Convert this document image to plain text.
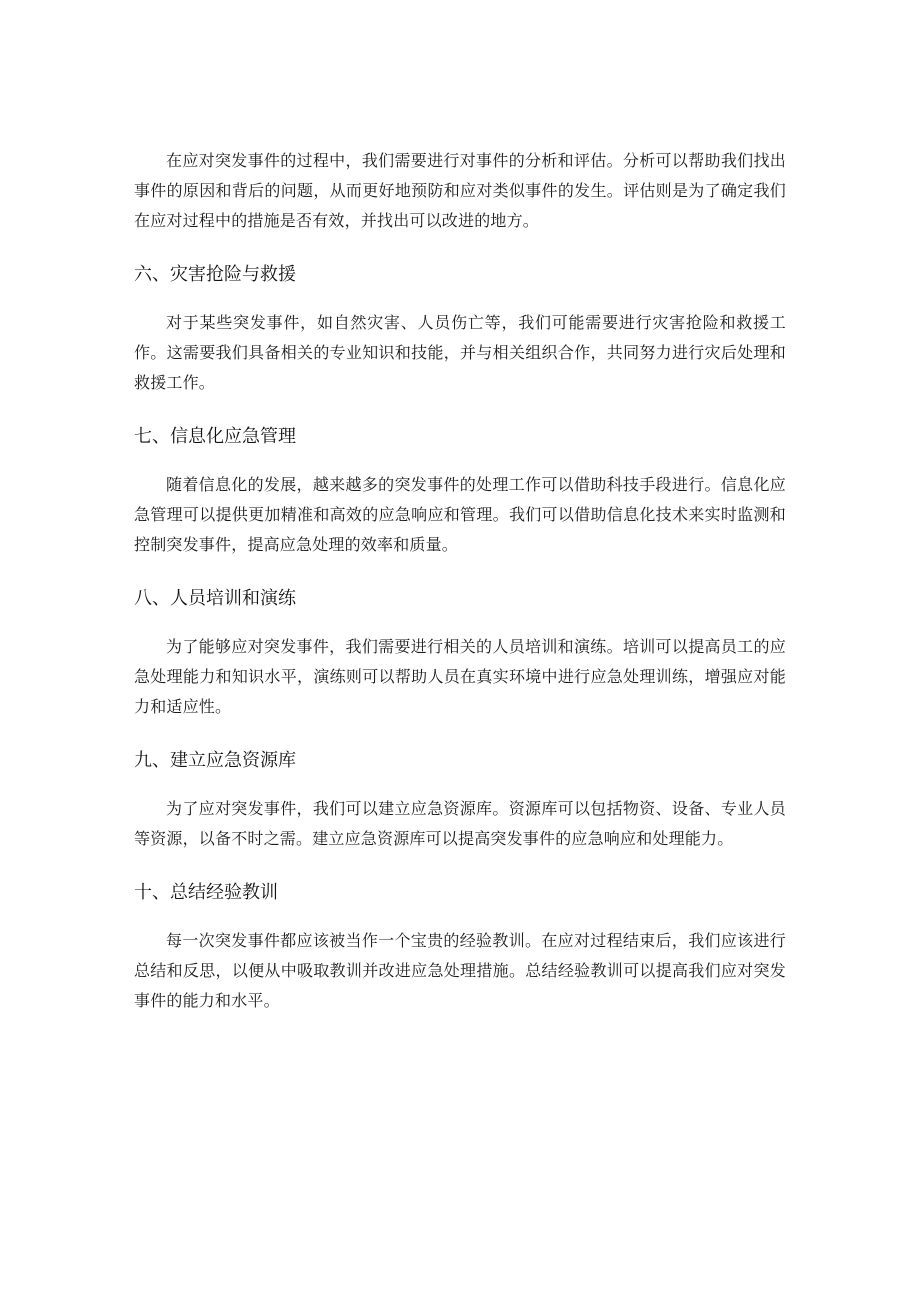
在应对突发事件的过程中，我们需要进行对事件的分析和评估。分析可以帮助我们找出事件的原因和背后的问题，从而更好地预防和应对类似事件的发生。评估则是为了确定我们在应对过程中的措施是否有效，并找出可以改进的地方。

六、灾害抢险与救援

对于某些突发事件，如自然灾害、人员伤亡等，我们可能需要进行灾害抢险和救援工作。这需要我们具备相关的专业知识和技能，并与相关组织合作，共同努力进行灾后处理和救援工作。

七、信息化应急管理

随着信息化的发展，越来越多的突发事件的处理工作可以借助科技手段进行。信息化应急管理可以提供更加精准和高效的应急响应和管理。我们可以借助信息化技术来实时监测和控制突发事件，提高应急处理的效率和质量。

八、人员培训和演练

为了能够应对突发事件，我们需要进行相关的人员培训和演练。培训可以提高员工的应急处理能力和知识水平，演练则可以帮助人员在真实环境中进行应急处理训练，增强应对能力和适应性。

九、建立应急资源库

为了应对突发事件，我们可以建立应急资源库。资源库可以包括物资、设备、专业人员等资源，以备不时之需。建立应急资源库可以提高突发事件的应急响应和处理能力。

十、总结经验教训

每一次突发事件都应该被当作一个宝贵的经验教训。在应对过程结束后，我们应该进行总结和反思，以便从中吸取教训并改进应急处理措施。总结经验教训可以提高我们应对突发事件的能力和水平。
